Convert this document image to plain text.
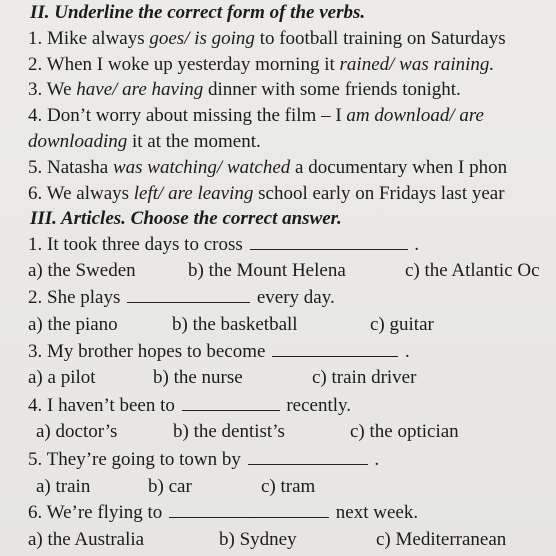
II. Underline the correct form of the verbs.
1. Mike always goes/ is going to football training on Saturdays
2. When I woke up yesterday morning it rained/ was raining.
3. We have/ are having dinner with some friends tonight.
4. Don’t worry about missing the film – I am download/ are
downloading it at the moment.
5. Natasha was watching/ watched a documentary when I phon
6. We always left/ are leaving school early on Fridays last year
III. Articles. Choose the correct answer.
1. It took three days to cross	.
a) the Sweden	b) the Mount Helena	c) the Atlantic Oc
2. She plays	every day.
a) the piano	b) the basketball	c) guitar
3. My brother hopes to become	.
a) a pilot	b) the nurse	c) train driver
4. I haven’t been to	recently.
a) doctor’s	b) the dentist’s	c) the optician
5. They’re going to town by	.
a) train	b) car	c) tram
6. We’re flying to	next week.
a) the Australia	b) Sydney	c) Mediterranean
